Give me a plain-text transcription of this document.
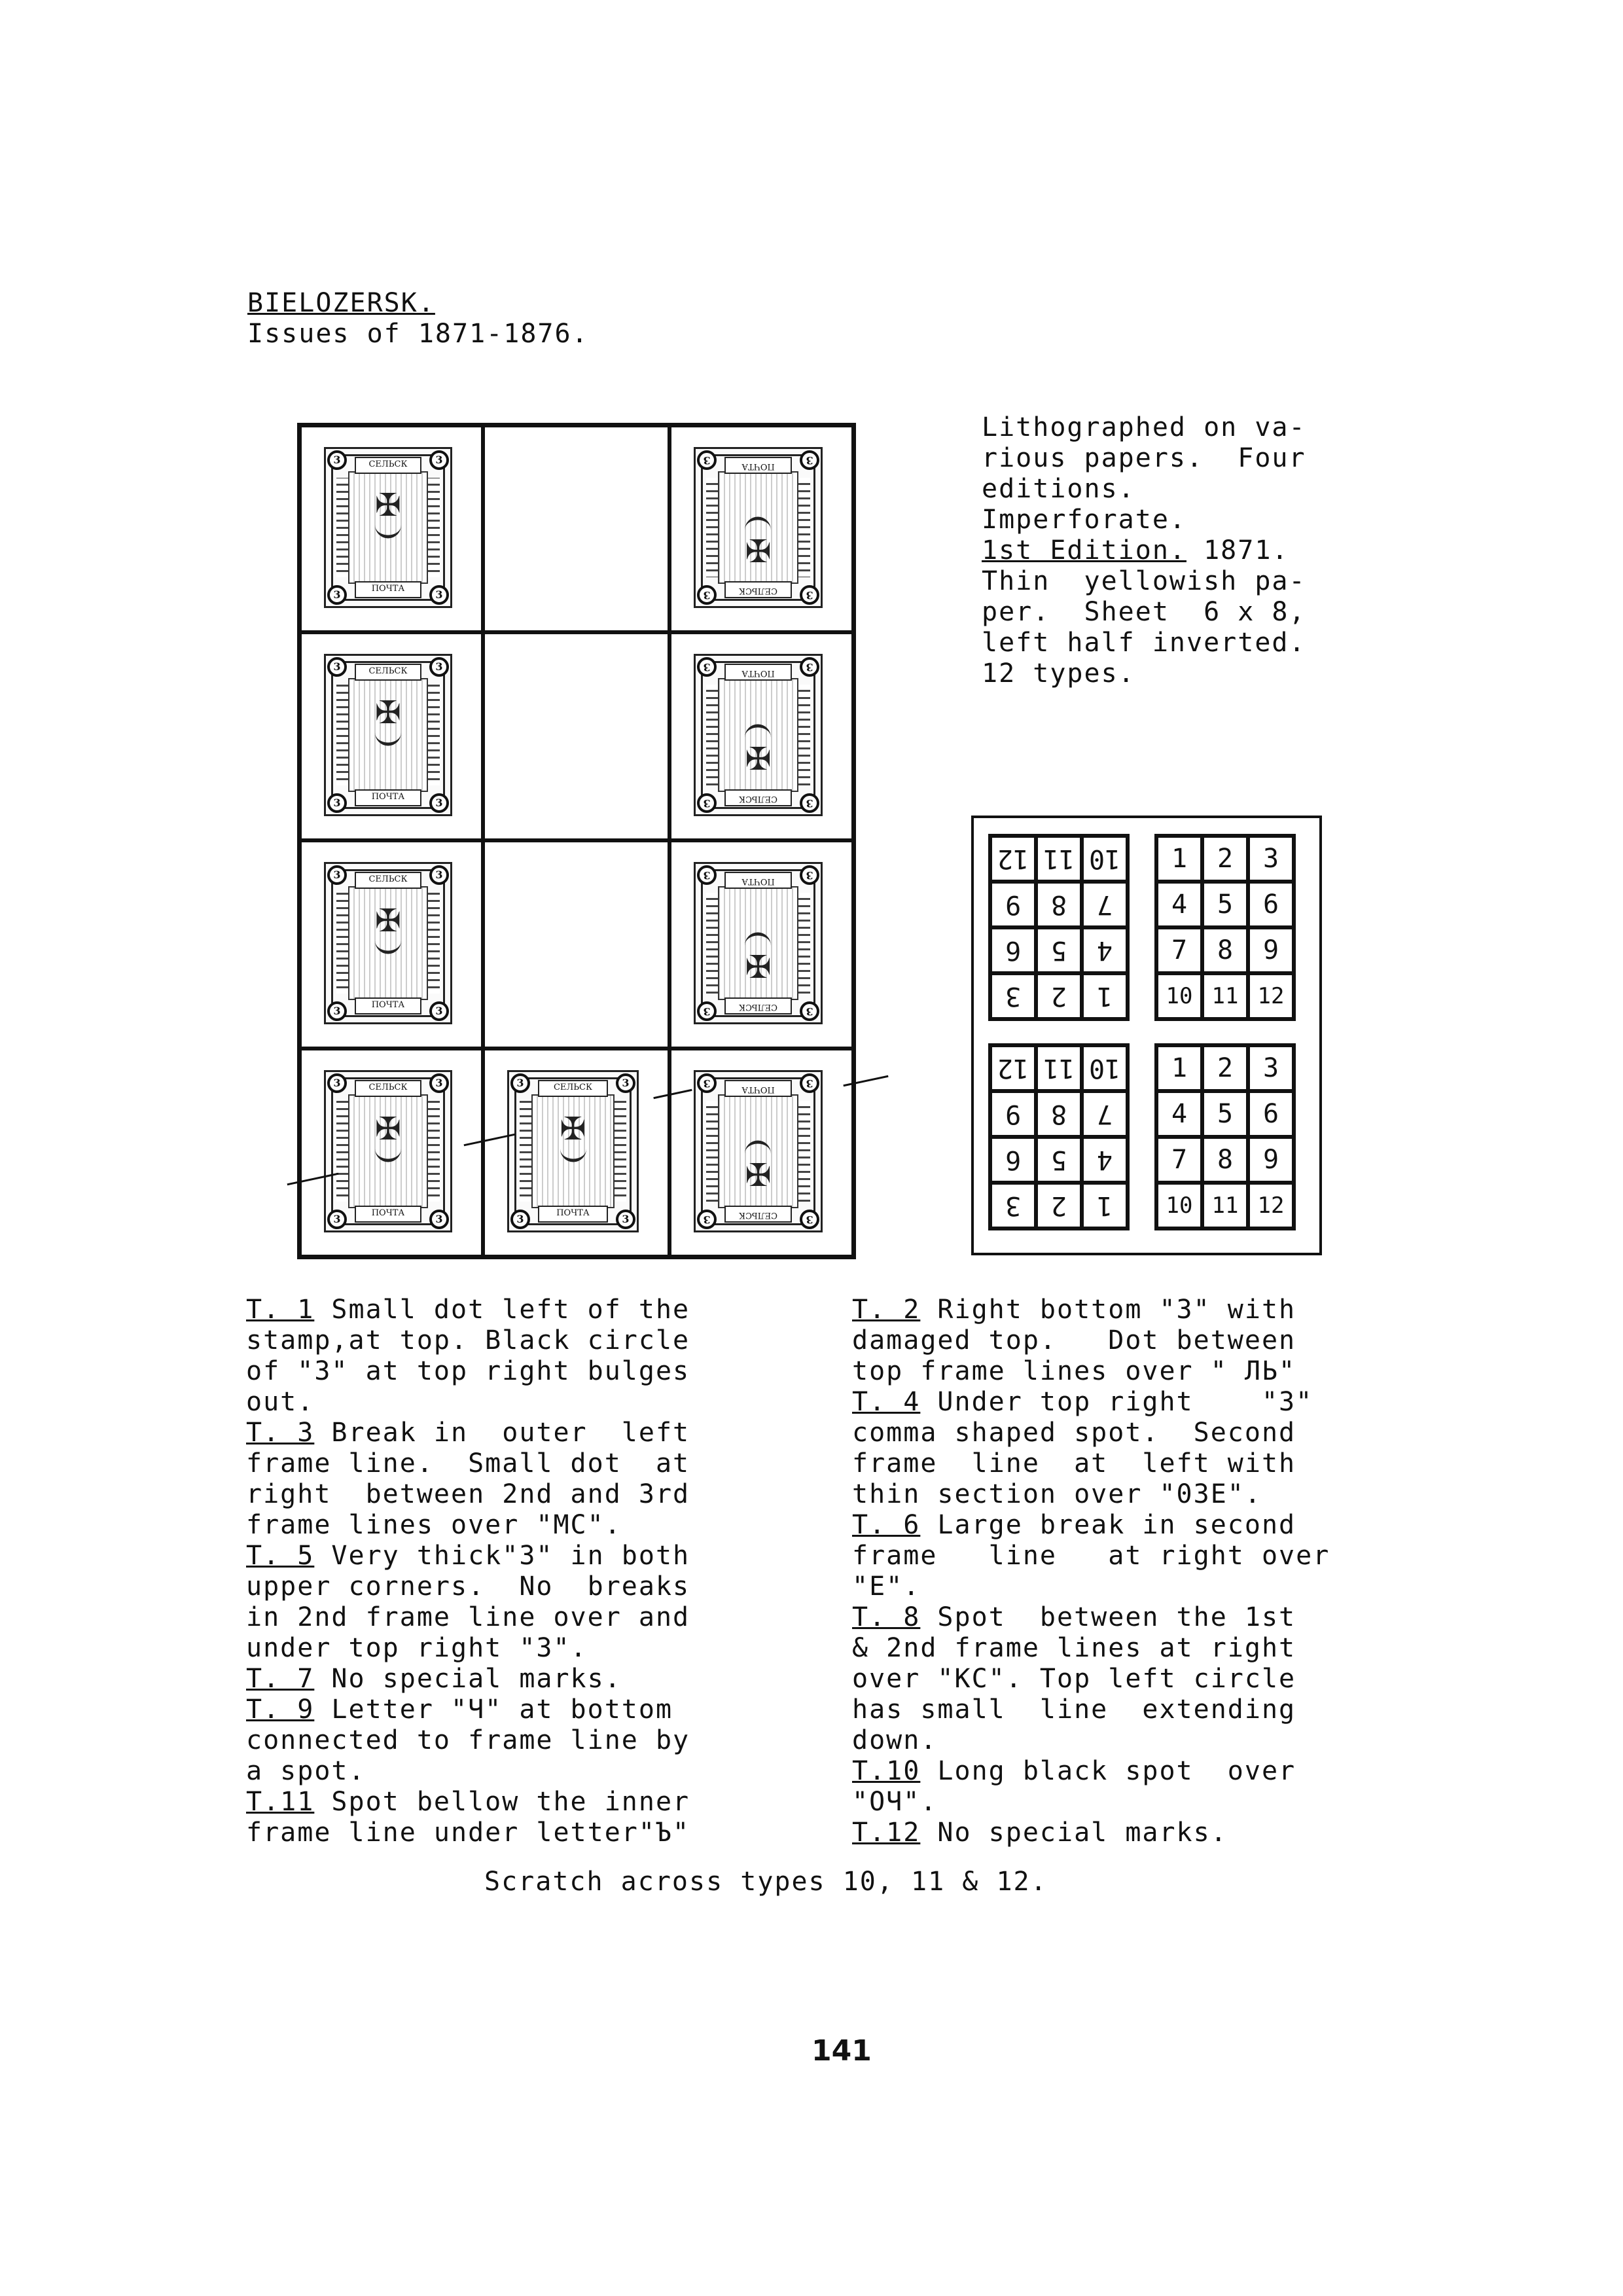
BIELOZERSK.
Issues of 1871-1876.
СЕЛЬСК
ПОЧТА
✠
3	3
3	3	СЕЛЬСК
ПОЧТА
✠
3
3
3
3
СЕЛЬСК
ПОЧТА
✠
3	3
3	3	СЕЛЬСК
ПОЧТА
✠
3
3
3
3
СЕЛЬСК
ПОЧТА
✠
3	3
3	3	СЕЛЬСК
ПОЧТА
✠
3
3
3
3
СЕЛЬСК
ПОЧТА
✠
3	3
3	3
СЕЛЬСК
ПОЧТА
✠
3	3
3	3	СЕЛЬСК
ПОЧТА
✠
3
3
3
3
Lithographed on va-
rious papers.  Four
editions.
Imperforate.
1st Edition. 1871.
Thin  yellowish pa-
per.  Sheet  6 x 8,
left half inverted.
12 types.
12 11 10
9	8	7
6	5	4
3	2	1
1	2	3
4	5	6
7	8	9
10 11 12
12 11 10
9	8	7
6	5	4
3	2	1
1	2	3
4	5	6
7	8	9
10 11 12
T. 1 Small dot left of the
stamp,at top. Black circle
of "3" at top right bulges
out.
T. 3 Break in  outer  left
frame line.  Small dot  at
right  between 2nd and 3rd
frame lines over "MC".
T. 5 Very thick"3" in both
upper corners.  No  breaks
in 2nd frame line over and
under top right "3".
T. 7 No special marks.
T. 9 Letter "Ч" at bottom
connected to frame line by
a spot.
T.11 Spot bellow the inner
frame line under letter"Ъ"
T. 2 Right bottom "3" with
damaged top.   Dot between
top frame lines over " ЛЬ"
T. 4 Under top right    "3"
comma shaped spot.  Second
frame  line  at  left with
thin section over "03E".
T. 6 Large break in second
frame   line   at right over
"E".
T. 8 Spot  between the 1st
& 2nd frame lines at right
over "KC". Top left circle
has small  line  extending
down.
T.10 Long black spot  over
"ОЧ".
T.12 No special marks.
Scratch across types 10, 11 & 12.
141
